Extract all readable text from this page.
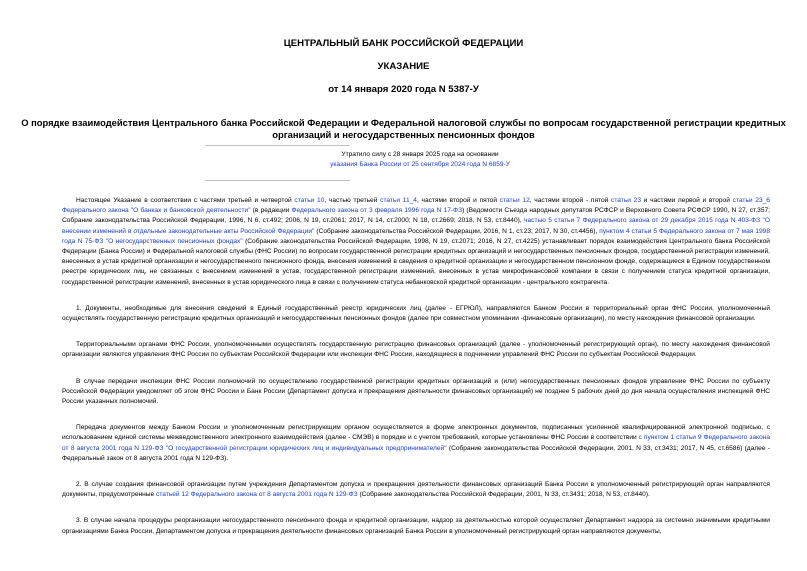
ЦЕНТРАЛЬНЫЙ БАНК РОССИЙСКОЙ ФЕДЕРАЦИИ
УКАЗАНИЕ
от 14 января 2020 года N 5387-У
О порядке взаимодействия Центрального банка Российской Федерации и Федеральной налоговой службы по вопросам государственной регистрации кредитных организаций и негосударственных пенсионных фондов
Утратило силу с 28 января 2025 года на основании
указания Банка России от 25 сентября 2024 года N 6859-У

Настоящее Указание в соответствии с частями третьей и четвертой статьи 10, частью третьей статьи 11_4, частями второй и пятой статьи 12, частями второй - пятой статьи 23 и частями первой и второй статьи 23_6 Федерального закона "О банках и банковской деятельности" (в редакции Федерального закона от 3 февраля 1996 года N 17-ФЗ) (Ведомости Съезда народных депутатов РСФСР и Верховного Совета РСФСР 1990, N 27, ст.357; Собрание законодательства Российской Федерации, 1996, N 6, ст.492; 2006, N 19, ст.2061; 2017, N 14, ст.2000; N 18, ст.2669; 2018, N 53, ст.8440), частью 5 статьи 7 Федерального закона от 29 декабря 2015 года N 403-ФЗ "О внесении изменений в отдельные законодательные акты Российской Федерации" (Собрание законодательства Российской Федерации, 2016, N 1, ст.23; 2017, N 30, ст.4456), пунктом 4 статьи 5 Федерального закона от 7 мая 1998 года N 75-ФЗ "О негосударственных пенсионных фондах" (Собрание законодательства Российской Федерации, 1998, N 19, ст.2071; 2016, N 27, ст.4225) устанавливает порядок взаимодействия Центрального банка Российской Федерации (Банка России) и Федеральной налоговой службы (ФНС России) по вопросам государственной регистрации кредитных организаций и негосударственных пенсионных фондов, государственной регистрации изменений, внесенных в устав кредитной организации и негосударственного пенсионного фонда, внесения изменений в сведения о кредитной организации и негосударственном пенсионном фонде, содержащиеся в Едином государственном реестре юридических лиц, не связанных с внесением изменений в устав, государственной регистрации изменений, внесенных в устав микрофинансовой компании в связи с получением статуса кредитной организации, государственной регистрации изменений, внесенных в устав юридического лица в связи с получением статуса небанковской кредитной организации - центрального контрагента.

1. Документы, необходимые для внесения сведений в Единый государственный реестр юридических лиц (далее - ЕГРЮЛ), направляются Банком России в территориальный орган ФНС России, уполномоченный осуществлять государственную регистрацию кредитных организаций и негосударственных пенсионных фондов (далее при совместном упоминании -финансовые организации), по месту нахождения финансовой организации.

Территориальными органами ФНС России, уполномоченными осуществлять государственную регистрацию финансовых организаций (далее - уполномоченный регистрирующий орган), по месту нахождения финансовой организации являются управления ФНС России по субъектам Российской Федерации или инспекции ФНС России, находящиеся в подчинении управлений ФНС России по субъектам Российской Федерации.

В случае передачи инспекции ФНС России полномочий по осуществлению государственной регистрации кредитных организаций и (или) негосударственных пенсионных фондов управление ФНС России по субъекту Российской Федерации уведомляет об этом ФНС России и Банк России (Департамент допуска и прекращения деятельности финансовых организаций) не позднее 5 рабочих дней до дня начала осуществления инспекцией ФНС России указанных полномочий.

Передача документов между Банком России и уполномоченным регистрирующим органом осуществляется в форме электронных документов, подписанных усиленной квалифицированной электронной подписью, с использованием единой системы межведомственного электронного взаимодействия (далее - СМЭВ) в порядке и с учетом требований, которые установлены ФНС России в соответствии с пунктом 1 статьи 9 Федерального закона от 8 августа 2001 года N 129-ФЗ "О государственной регистрации юридических лиц и индивидуальных предпринимателей" (Собрание законодательства Российской Федерации, 2001, N 33, ст.3431; 2017, N 45, ст.6586) (далее - Федеральный закон от 8 августа 2001 года N 129-ФЗ).

2. В случае создания финансовой организации путем учреждения Департаментом допуска и прекращения деятельности финансовых организаций Банка России в уполномоченный регистрирующий орган направляются документы, предусмотренные статьей 12 Федерального закона от 8 августа 2001 года N 129-ФЗ (Собрание законодательства Российской Федерации, 2001, N 33, ст.3431; 2018, N 53, ст.8440).

3. В случае начала процедуры реорганизации негосударственного пенсионного фонда и кредитной организации, надзор за деятельностью которой осуществляет Департамент надзора за системно значимыми кредитными организациями Банка России, Департаментом допуска и прекращения деятельности финансовых организаций Банка России в уполномоченный регистрирующий орган направляются документы,
